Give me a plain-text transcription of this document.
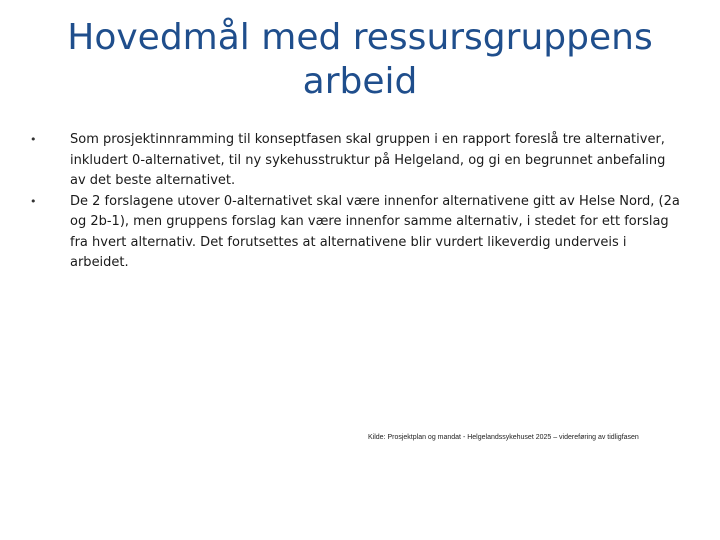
Hovedmål med ressursgruppens
arbeid
•	Som prosjektinnramming til konseptfasen skal gruppen i en rapport foreslå tre alternativer, inkludert 0-alternativet, til ny sykehusstruktur på Helgeland, og gi en begrunnet anbefaling av det beste alternativet.
•	De 2 forslagene utover 0-alternativet skal være innenfor alternativene gitt av Helse Nord, (2a og 2b-1), men gruppens forslag kan være innenfor samme alternativ, i stedet for ett forslag fra hvert alternativ. Det forutsettes at alternativene blir vurdert likeverdig underveis i arbeidet.
Kilde: Prosjektplan og mandat - Helgelandssykehuset 2025 – videreføring av tidligfasen
